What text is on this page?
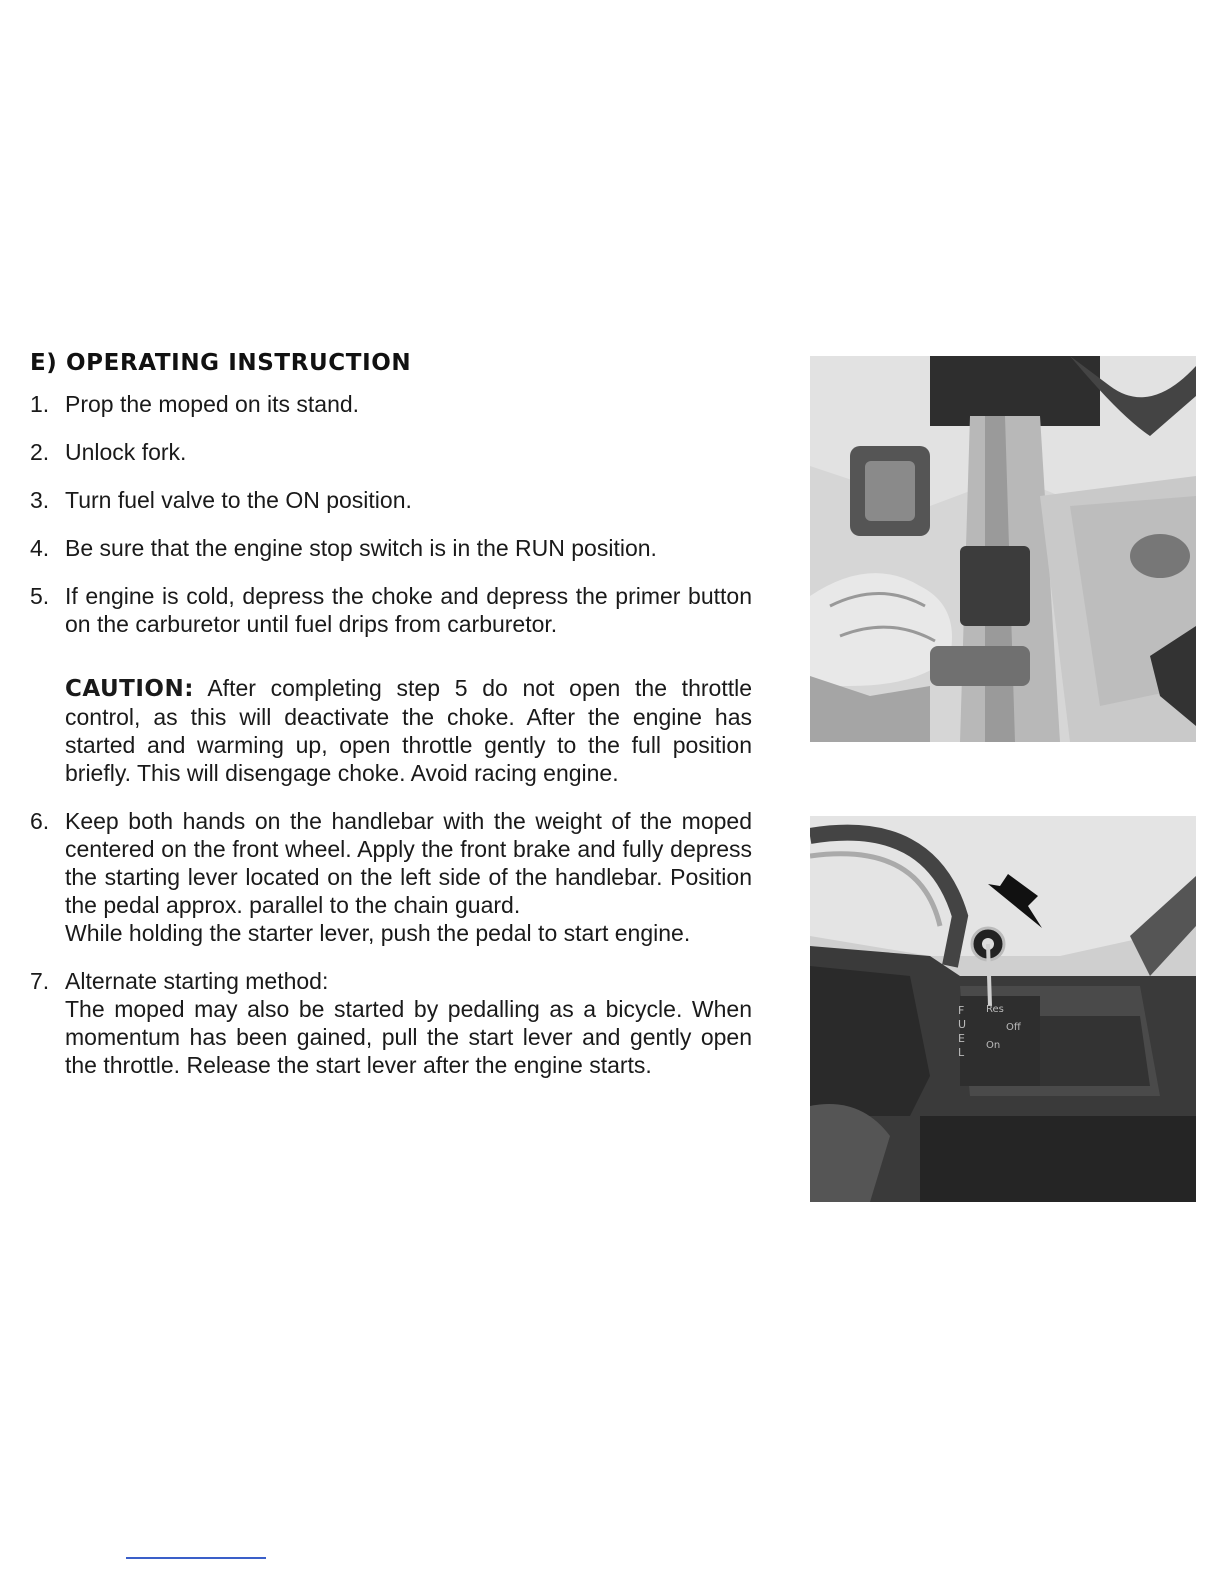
E) OPERATING INSTRUCTION
1. Prop the moped on its stand.
2. Unlock fork.
3. Turn fuel valve to the ON position.
4. Be sure that the engine stop switch is in the RUN position.
5. If engine is cold, depress the choke and depress the primer button on the carburetor until fuel drips from carburetor.
CAUTION: After completing step 5 do not open the throttle control, as this will deactivate the choke. After the engine has started and warming up, open throttle gently to the full position briefly. This will disengage choke. Avoid racing engine.
6. Keep both hands on the handlebar with the weight of the moped centered on the front wheel. Apply the front brake and fully depress the starting lever located on the left side of the handlebar. Position the pedal approx. parallel to the chain guard.
While holding the starter lever, push the pedal to start engine.
7. Alternate starting method:
The moped may also be started by pedalling as a bicycle. When momentum has been gained, pull the start lever and gently open the throttle. Release the start lever after the engine starts.
F
U
E
L
Res
Off
On
